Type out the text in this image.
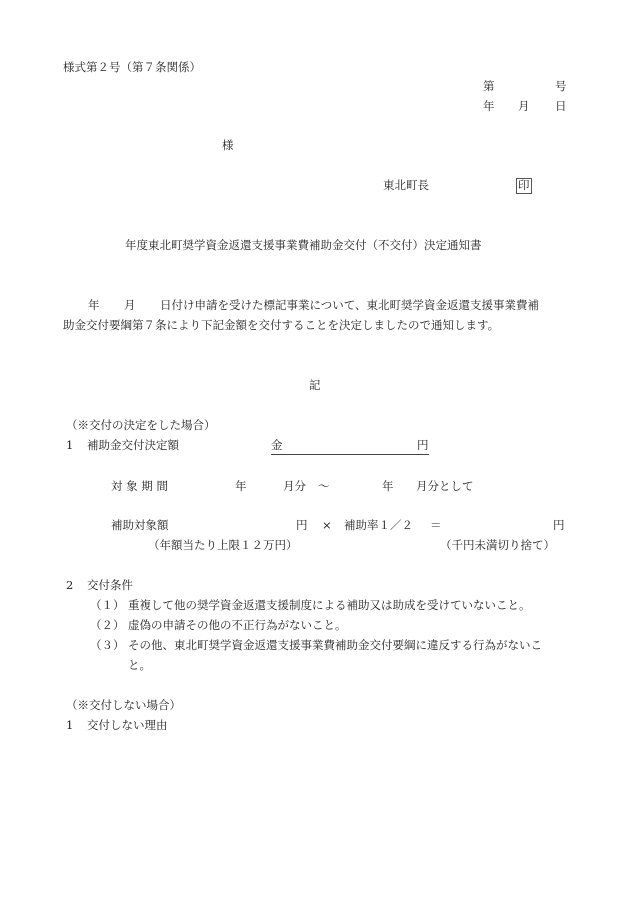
様式第２号（第７条関係）
第	号
年 月 日
様
東北町長	印
年度東北町奨学資金返還支援事業費補助金交付（不交付）決定通知書
年 月 日付け申請を受けた標記事業について、東北町奨学資金返還支援事業費補
助金交付要綱第７条により下記金額を交付することを決定しましたので通知します。
記
（※交付の決定をした場合）
1 補助金交付決定額	金	円
対 象 期 間	年	月分 ～	年 月分として
補助対象額	円 × 補助率１／２ ＝	円
（年額当たり上限１２万円）	（千円未満切り捨て）
2 交付条件
（１） 重複して他の奨学資金返還支援制度による補助又は助成を受けていないこと。
（２） 虚偽の申請その他の不正行為がないこと。
（３） その他、東北町奨学資金返還支援事業費補助金交付要綱に違反する行為がないこ
と。
（※交付しない場合）
1 交付しない理由
